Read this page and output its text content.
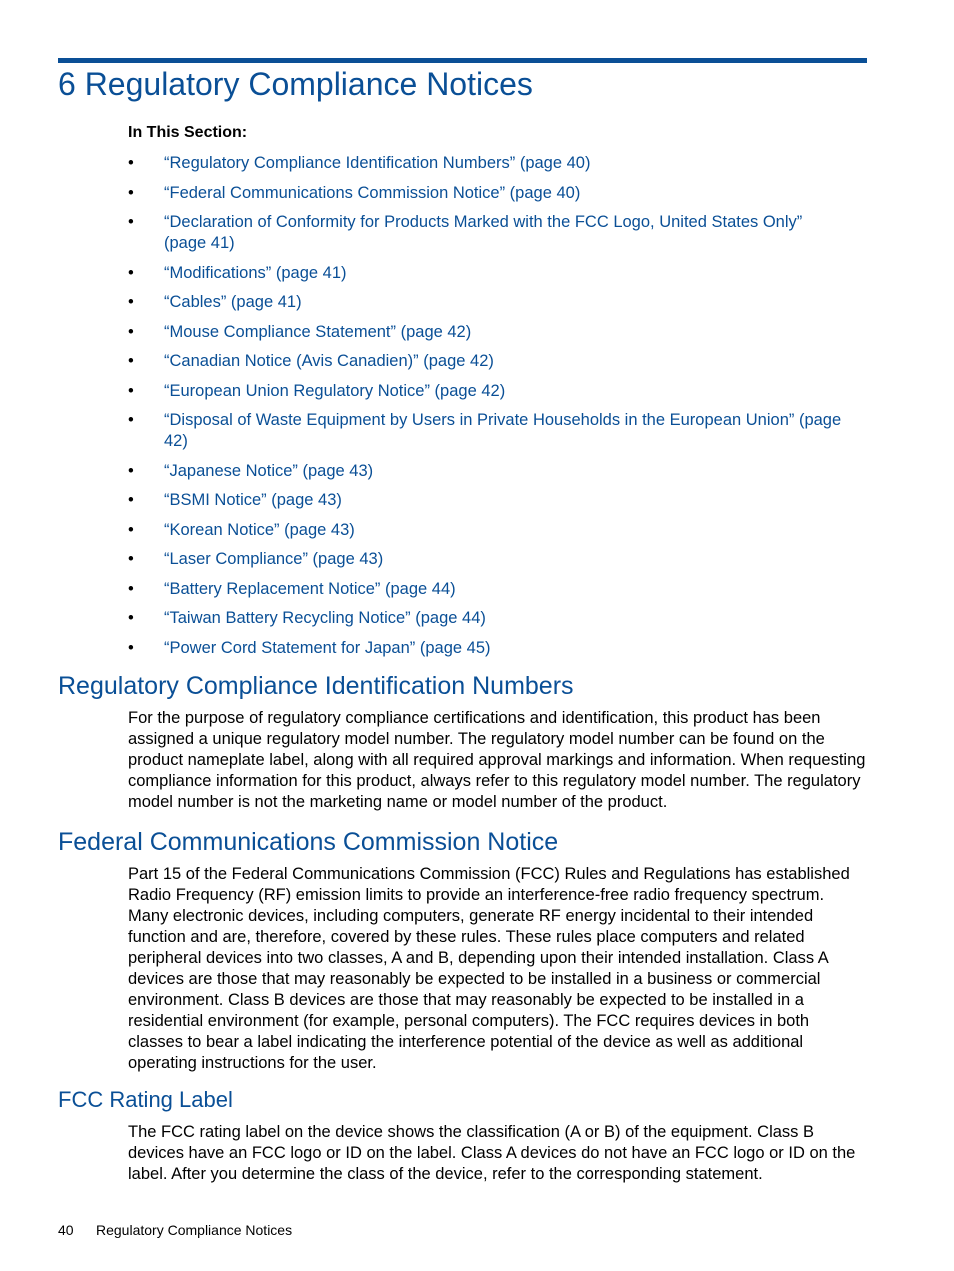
6 Regulatory Compliance Notices
In This Section:
• “Regulatory Compliance Identification Numbers” (page 40)
• “Federal Communications Commission Notice” (page 40)
• “Declaration of Conformity for Products Marked with the FCC Logo, United States Only” (page 41)
• “Modifications” (page 41)
• “Cables” (page 41)
• “Mouse Compliance Statement” (page 42)
• “Canadian Notice (Avis Canadien)” (page 42)
• “European Union Regulatory Notice” (page 42)
• “Disposal of Waste Equipment by Users in Private Households in the European Union” (page 42)
• “Japanese Notice” (page 43)
• “BSMI Notice” (page 43)
• “Korean Notice” (page 43)
• “Laser Compliance” (page 43)
• “Battery Replacement Notice” (page 44)
• “Taiwan Battery Recycling Notice” (page 44)
• “Power Cord Statement for Japan” (page 45)
Regulatory Compliance Identification Numbers

For the purpose of regulatory compliance certifications and identification, this product has been assigned a unique regulatory model number. The regulatory model number can be found on the product nameplate label, along with all required approval markings and information. When requesting compliance information for this product, always refer to this regulatory model number. The regulatory model number is not the marketing name or model number of the product.

Federal Communications Commission Notice

Part 15 of the Federal Communications Commission (FCC) Rules and Regulations has established Radio Frequency (RF) emission limits to provide an interference-free radio frequency spectrum. Many electronic devices, including computers, generate RF energy incidental to their intended function and are, therefore, covered by these rules. These rules place computers and related peripheral devices into two classes, A and B, depending upon their intended installation. Class A devices are those that may reasonably be expected to be installed in a business or commercial environment. Class B devices are those that may reasonably be expected to be installed in a residential environment (for example, personal computers). The FCC requires devices in both classes to bear a label indicating the interference potential of the device as well as additional operating instructions for the user.

FCC Rating Label

The FCC rating label on the device shows the classification (A or B) of the equipment. Class B devices have an FCC logo or ID on the label. Class A devices do not have an FCC logo or ID on the label. After you determine the class of the device, refer to the corresponding statement.

40 Regulatory Compliance Notices
